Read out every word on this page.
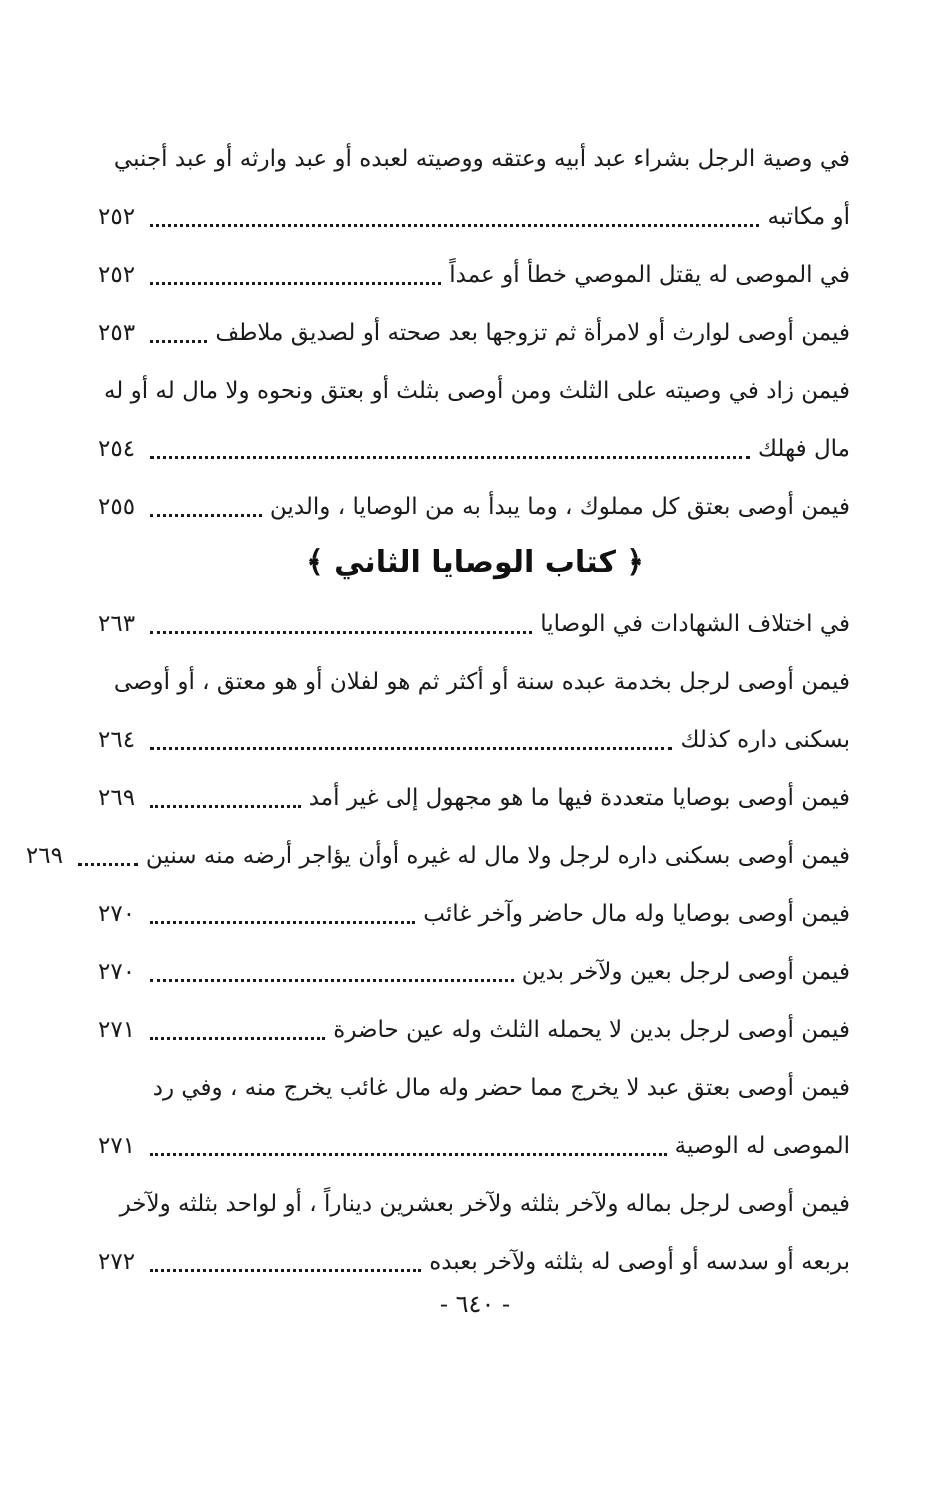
في وصية الرجل بشراء عبد أبيه وعتقه ووصيته لعبده أو عبد وارثه أو عبد أجنبي
أو مكاتبه
٢٥٢
في الموصى له يقتل الموصي خطأ أو عمداً
٢٥٢
فيمن أوصى لوارث أو لامرأة ثم تزوجها بعد صحته أو لصديق ملاطف
٢٥٣
فيمن زاد في وصيته على الثلث ومن أوصى بثلث أو بعتق ونحوه ولا مال له أو له
مال فهلك
٢٥٤
فيمن أوصى بعتق كل مملوك ، وما يبدأ به من الوصايا ، والدين
٢٥٥
﴿ كتاب الوصايا الثاني ﴾
في اختلاف الشهادات في الوصايا
٢٦٣
فيمن أوصى لرجل بخدمة عبده سنة أو أكثر ثم هو لفلان أو هو معتق ، أو أوصى
بسكنى داره كذلك
٢٦٤
فيمن أوصى بوصايا متعددة فيها ما هو مجهول إلى غير أمد
٢٦٩
فيمن أوصى بسكنى داره لرجل ولا مال له غيره أوأن يؤاجر أرضه منه سنين
٢٦٩
فيمن أوصى بوصايا وله مال حاضر وآخر غائب
٢٧٠
فيمن أوصى لرجل بعين ولآخر بدين
٢٧٠
فيمن أوصى لرجل بدين لا يحمله الثلث وله عين حاضرة
٢٧١
فيمن أوصى بعتق عبد لا يخرج مما حضر وله مال غائب يخرج منه ، وفي رد
الموصى له الوصية
٢٧١
فيمن أوصى لرجل بماله ولآخر بثلثه ولآخر بعشرين ديناراً ، أو لواحد بثلثه ولآخر
بربعه أو سدسه أو أوصى له بثلثه ولآخر بعبده
٢٧٢
- ٦٤٠ -
